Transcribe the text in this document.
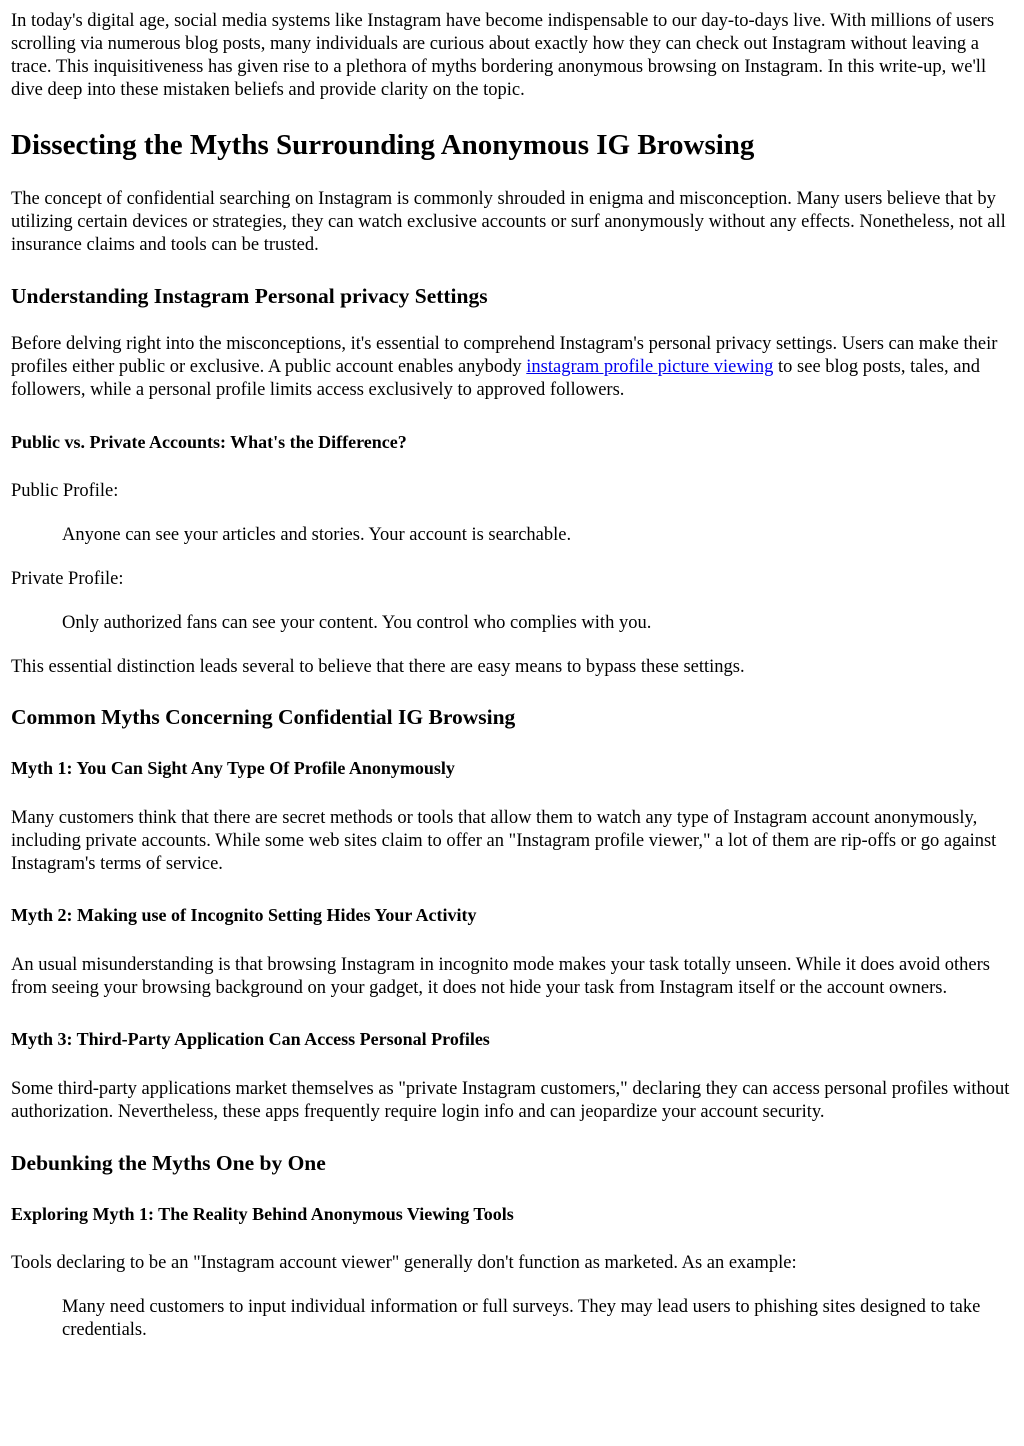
In today's digital age, social media systems like Instagram have become indispensable to our day-to-days live. With millions of users scrolling via numerous blog posts, many individuals are curious about exactly how they can check out Instagram without leaving a trace. This inquisitiveness has given rise to a plethora of myths bordering anonymous browsing on Instagram. In this write-up, we'll dive deep into these mistaken beliefs and provide clarity on the topic.

Dissecting the Myths Surrounding Anonymous IG Browsing

The concept of confidential searching on Instagram is commonly shrouded in enigma and misconception. Many users believe that by utilizing certain devices or strategies, they can watch exclusive accounts or surf anonymously without any effects. Nonetheless, not all insurance claims and tools can be trusted.

Understanding Instagram Personal privacy Settings

Before delving right into the misconceptions, it's essential to comprehend Instagram's personal privacy settings. Users can make their profiles either public or exclusive. A public account enables anybody instagram profile picture viewing to see blog posts, tales, and followers, while a personal profile limits access exclusively to approved followers.

Public vs. Private Accounts: What's the Difference?

Public Profile:

Anyone can see your articles and stories. Your account is searchable.

Private Profile:

Only authorized fans can see your content. You control who complies with you.

This essential distinction leads several to believe that there are easy means to bypass these settings.

Common Myths Concerning Confidential IG Browsing
Myth 1: You Can Sight Any Type Of Profile Anonymously

Many customers think that there are secret methods or tools that allow them to watch any type of Instagram account anonymously, including private accounts. While some web sites claim to offer an "Instagram profile viewer," a lot of them are rip-offs or go against Instagram's terms of service.

Myth 2: Making use of Incognito Setting Hides Your Activity

An usual misunderstanding is that browsing Instagram in incognito mode makes your task totally unseen. While it does avoid others from seeing your browsing background on your gadget, it does not hide your task from Instagram itself or the account owners.

Myth 3: Third-Party Application Can Access Personal Profiles

Some third-party applications market themselves as "private Instagram customers," declaring they can access personal profiles without authorization. Nevertheless, these apps frequently require login info and can jeopardize your account security.

Debunking the Myths One by One
Exploring Myth 1: The Reality Behind Anonymous Viewing Tools

Tools declaring to be an "Instagram account viewer" generally don't function as marketed. As an example:

Many need customers to input individual information or full surveys. They may lead users to phishing sites designed to take credentials.
